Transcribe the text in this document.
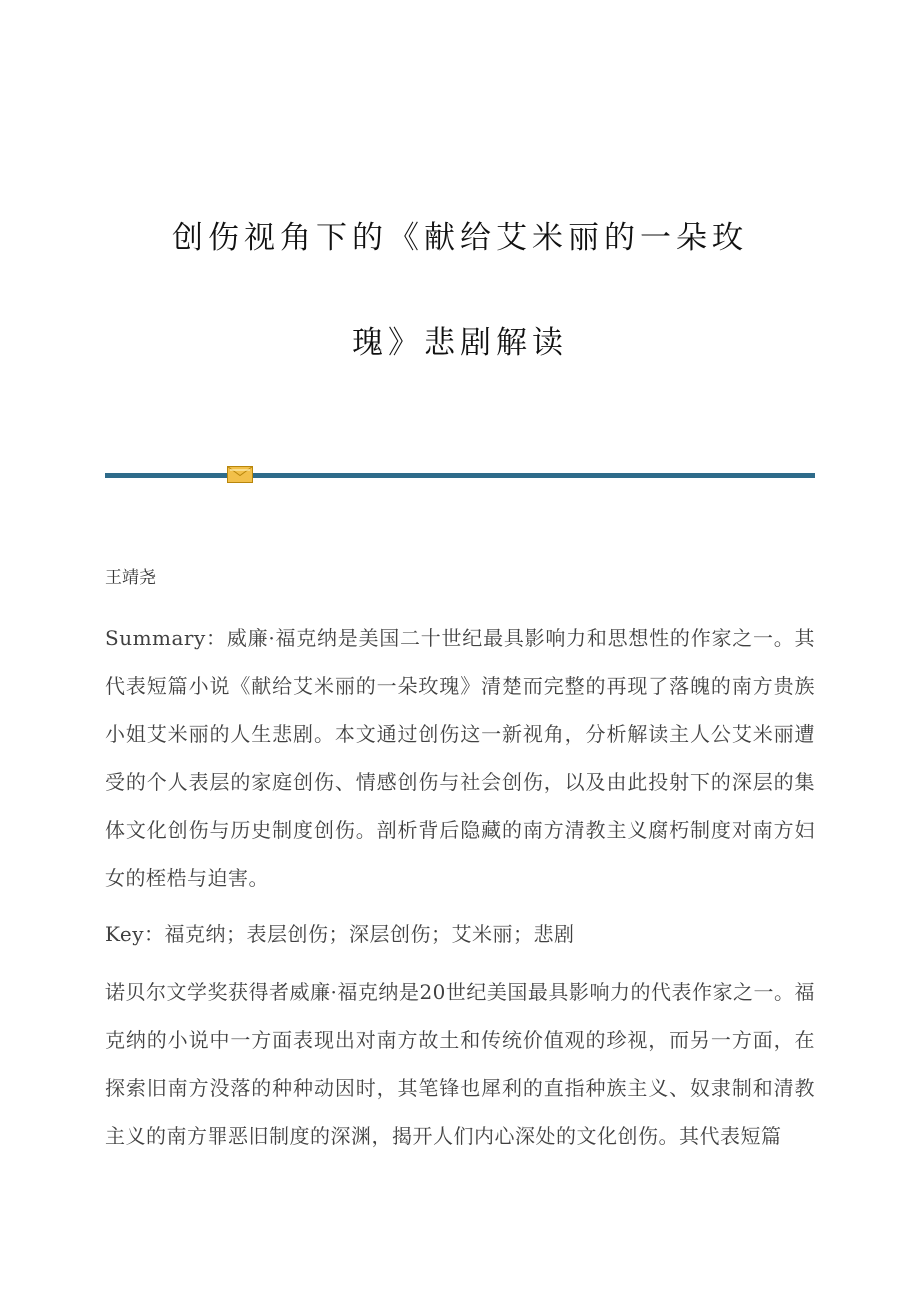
创伤视角下的《献给艾米丽的一朵玫
瑰》悲剧解读

王靖尧

Summary：威廉·福克纳是美国二十世纪最具影响力和思想性的作家之一。其代表短篇小说《献给艾米丽的一朵玫瑰》清楚而完整的再现了落魄的南方贵族小姐艾米丽的人生悲剧。本文通过创伤这一新视角，分析解读主人公艾米丽遭受的个人表层的家庭创伤、情感创伤与社会创伤，以及由此投射下的深层的集体文化创伤与历史制度创伤。剖析背后隐藏的南方清教主义腐朽制度对南方妇女的桎梏与迫害。

Key：福克纳；表层创伤；深层创伤；艾米丽；悲剧

诺贝尔文学奖获得者威廉·福克纳是20世纪美国最具影响力的代表作家之一。福克纳的小说中一方面表现出对南方故土和传统价值观的珍视，而另一方面，在探索旧南方没落的种种动因时，其笔锋也犀利的直指种族主义、奴隶制和清教主义的南方罪恶旧制度的深渊，揭开人们内心深处的文化创伤。其代表短篇
